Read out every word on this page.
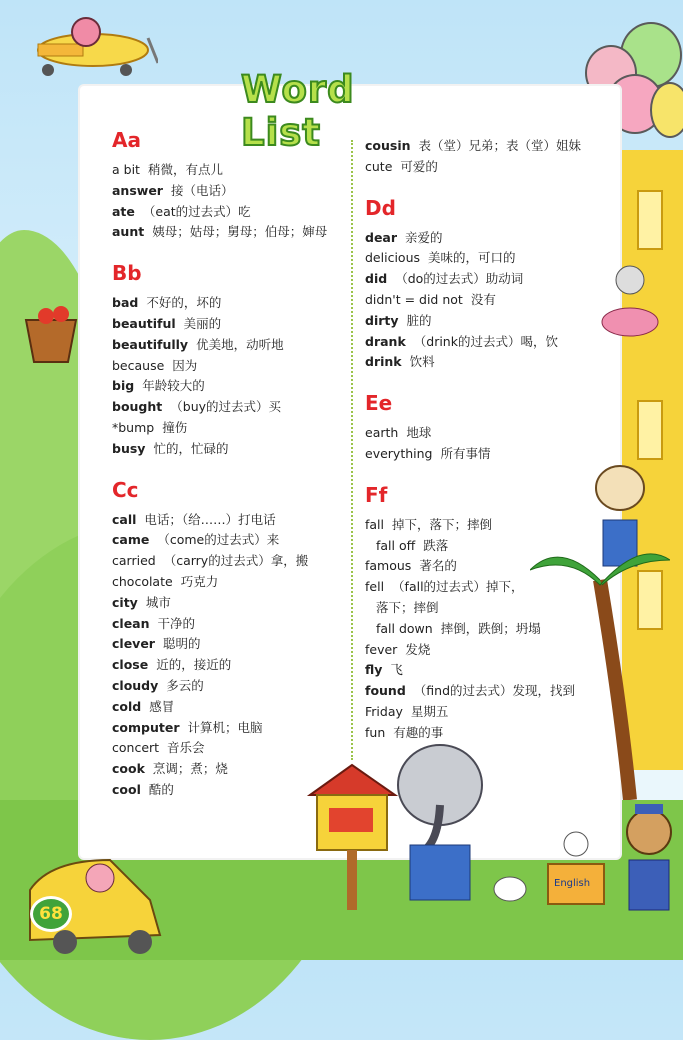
Word List
Aa
a bit 稍微，有点儿
answer 接（电话）
ate （eat的过去式）吃
aunt 姨母；姑母；舅母；伯母；婶母
Bb
bad 不好的，坏的
beautiful 美丽的
beautifully 优美地，动听地
because 因为
big 年龄较大的
bought （buy的过去式）买
*bump 撞伤
busy 忙的，忙碌的
Cc
call 电话；（给……）打电话
came （come的过去式）来
carried （carry的过去式）拿，搬
chocolate 巧克力
city 城市
clean 干净的
clever 聪明的
close 近的，接近的
cloudy 多云的
cold 感冒
computer 计算机；电脑
concert 音乐会
cook 烹调；煮；烧
cool 酷的
cousin 表（堂）兄弟；表（堂）姐妹
cute 可爱的
Dd
dear 亲爱的
delicious 美味的，可口的
did （do的过去式）助动词
didn't = did not 没有
dirty 脏的
drank （drink的过去式）喝，饮
drink 饮料
Ee
earth 地球
everything 所有事情
Ff
fall 掉下，落下；摔倒
fall off 跌落
famous 著名的
fell （fall的过去式）掉下，
落下；摔倒
fall down 摔倒，跌倒；坍塌
fever 发烧
fly 飞
found （find的过去式）发现，找到
Friday 星期五
fun 有趣的事
English
68
